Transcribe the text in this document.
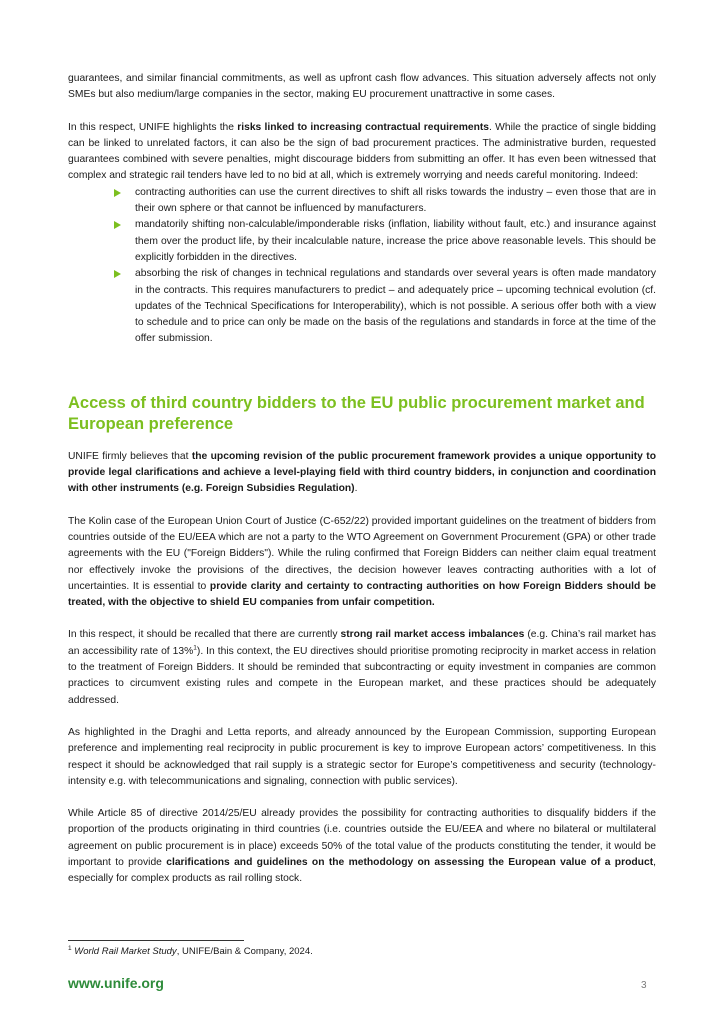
guarantees, and similar financial commitments, as well as upfront cash flow advances. This situation adversely affects not only SMEs but also medium/large companies in the sector, making EU procurement unattractive in some cases.

In this respect, UNIFE highlights the risks linked to increasing contractual requirements. While the practice of single bidding can be linked to unrelated factors, it can also be the sign of bad procurement practices. The administrative burden, requested guarantees combined with severe penalties, might discourage bidders from submitting an offer. It has even been witnessed that complex and strategic rail tenders have led to no bid at all, which is extremely worrying and needs careful monitoring. Indeed:

contracting authorities can use the current directives to shift all risks towards the industry – even those that are in their own sphere or that cannot be influenced by manufacturers.
mandatorily shifting non-calculable/imponderable risks (inflation, liability without fault, etc.) and insurance against them over the product life, by their incalculable nature, increase the price above reasonable levels. This should be explicitly forbidden in the directives.
absorbing the risk of changes in technical regulations and standards over several years is often made mandatory in the contracts. This requires manufacturers to predict – and adequately price – upcoming technical evolution (cf. updates of the Technical Specifications for Interoperability), which is not possible. A serious offer both with a view to schedule and to price can only be made on the basis of the regulations and standards in force at the time of the offer submission.
Access of third country bidders to the EU public procurement market and European preference

UNIFE firmly believes that the upcoming revision of the public procurement framework provides a unique opportunity to provide legal clarifications and achieve a level-playing field with third country bidders, in conjunction and coordination with other instruments (e.g. Foreign Subsidies Regulation).

The Kolin case of the European Union Court of Justice (C-652/22) provided important guidelines on the treatment of bidders from countries outside of the EU/EEA which are not a party to the WTO Agreement on Government Procurement (GPA) or other trade agreements with the EU ("Foreign Bidders"). While the ruling confirmed that Foreign Bidders can neither claim equal treatment nor effectively invoke the provisions of the directives, the decision however leaves contracting authorities with a lot of uncertainties. It is essential to provide clarity and certainty to contracting authorities on how Foreign Bidders should be treated, with the objective to shield EU companies from unfair competition.

In this respect, it should be recalled that there are currently strong rail market access imbalances (e.g. China’s rail market has an accessibility rate of 13%$^1$). In this context, the EU directives should prioritise promoting reciprocity in market access in relation to the treatment of Foreign Bidders. It should be reminded that subcontracting or equity investment in companies are common practices to circumvent existing rules and compete in the European market, and these practices should be adequately addressed.

As highlighted in the Draghi and Letta reports, and already announced by the European Commission, supporting European preference and implementing real reciprocity in public procurement is key to improve European actors’ competitiveness. In this respect it should be acknowledged that rail supply is a strategic sector for Europe’s competitiveness and security (technology-intensity e.g. with telecommunications and signaling, connection with public services).

While Article 85 of directive 2014/25/EU already provides the possibility for contracting authorities to disqualify bidders if the proportion of the products originating in third countries (i.e. countries outside the EU/EEA and where no bilateral or multilateral agreement on public procurement is in place) exceeds 50% of the total value of the products constituting the tender, it would be important to provide clarifications and guidelines on the methodology on assessing the European value of a product, especially for complex products as rail rolling stock.

$^1$ World Rail Market Study, UNIFE/Bain & Company, 2024.
www.unife.org	3
